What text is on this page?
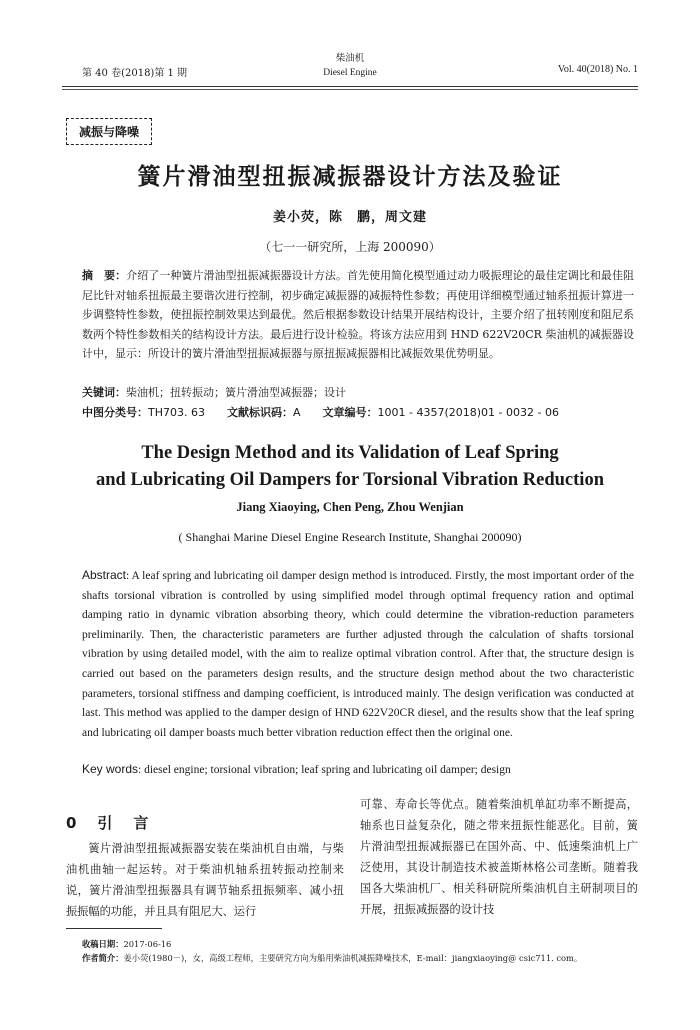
第 40 卷(2018)第 1 期
柴油机
Diesel Engine	Vol. 40(2018) No. 1
减振与降噪
簧片滑油型扭振减振器设计方法及验证
姜小荧，陈　鹏，周文建
（七一一研究所，上海 200090）
摘　要：介绍了一种簧片滑油型扭振减振器设计方法。首先使用简化模型通过动力吸振理论的最佳定调比和最佳阻尼比针对轴系扭振最主要谐次进行控制，初步确定减振器的减振特性参数；再使用详细模型通过轴系扭振计算进一步调整特性参数，使扭振控制效果达到最优。然后根据参数设计结果开展结构设计，主要介绍了扭转刚度和阻尼系数两个特性参数相关的结构设计方法。最后进行设计检验。将该方法应用到 HND 622V20CR 柴油机的减振器设计中，显示：所设计的簧片滑油型扭振减振器与原扭振减振器相比减振效果优势明显。
关键词：柴油机；扭转振动；簧片滑油型减振器；设计
中图分类号：TH703. 63 文献标识码：A 文章编号：1001 - 4357(2018)01 - 0032 - 06
The Design Method and its Validation of Leaf Spring
and Lubricating Oil Dampers for Torsional Vibration Reduction
Jiang Xiaoying, Chen Peng, Zhou Wenjian
( Shanghai Marine Diesel Engine Research Institute, Shanghai 200090)
Abstract: A leaf spring and lubricating oil damper design method is introduced. Firstly, the most important order of the shafts torsional vibration is controlled by using simplified model through optimal frequency ration and optimal damping ratio in dynamic vibration absorbing theory, which could determine the vibration-reduction parameters preliminarily. Then, the characteristic parameters are further adjusted through the calculation of shafts torsional vibration by using detailed model, with the aim to realize optimal vibration control. After that, the structure design is carried out based on the parameters design results, and the structure design method about the two characteristic parameters, torsional stiffness and damping coefficient, is introduced mainly. The design verification was conducted at last. This method was applied to the damper design of HND 622V20CR diesel, and the results show that the leaf spring and lubricating oil damper boasts much better vibration reduction effect then the original one.
Key words: diesel engine; torsional vibration; leaf spring and lubricating oil damper; design
0　引　言
簧片滑油型扭振减振器安装在柴油机自由端，与柴油机曲轴一起运转。对于柴油机轴系扭转振动控制来说，簧片滑油型扭振器具有调节轴系扭振频率、减小扭振振幅的功能，并且具有阻尼大、运行
可靠、寿命长等优点。随着柴油机单缸功率不断提高，轴系也日益复杂化，随之带来扭振性能恶化。目前，簧片滑油型扭振减振器已在国外高、中、低速柴油机上广泛使用，其设计制造技术被盖斯林格公司垄断。随着我国各大柴油机厂、相关科研院所柴油机自主研制项目的开展，扭振减振器的设计技
收稿日期：2017-06-16
作者简介：姜小荧(1980－)，女，高级工程师，主要研究方向为船用柴油机减振降噪技术，E-mail：jiangxiaoying@ csic711. com。
